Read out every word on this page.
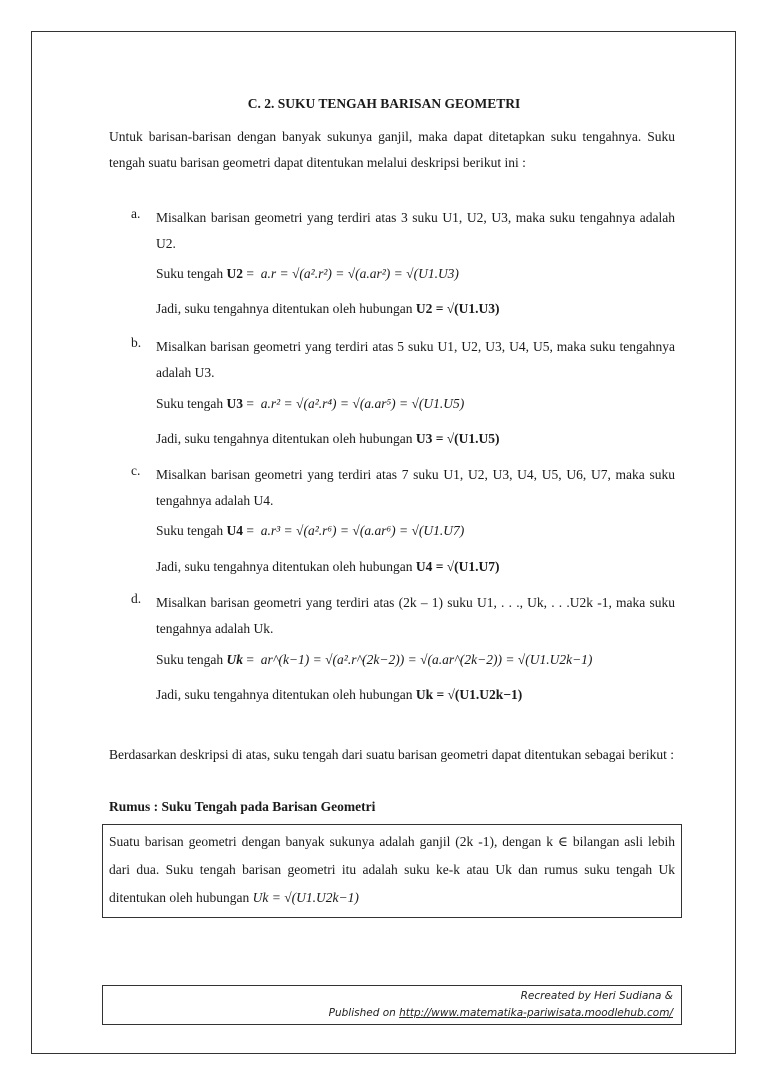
C. 2. SUKU TENGAH BARISAN GEOMETRI
Untuk barisan-barisan dengan banyak sukunya ganjil, maka dapat ditetapkan suku tengahnya. Suku tengah suatu barisan geometri dapat ditentukan melalui deskripsi berikut ini :
a. Misalkan barisan geometri yang terdiri atas 3 suku U1, U2, U3, maka suku tengahnya adalah U2.
Suku tengah
U2 = a.r = √(a².r²) = √(a.ar²) = √(U1.U3)
Jadi, suku tengahnya ditentukan oleh hubungan
U2 = √(U1.U3)
b. Misalkan barisan geometri yang terdiri atas 5 suku U1, U2, U3, U4, U5, maka suku tengahnya adalah U3.
Suku tengah
U3 = a.r² = √(a².r⁴) = √(a.ar⁵) = √(U1.U5)
Jadi, suku tengahnya ditentukan oleh hubungan
U3 = √(U1.U5)
c. Misalkan barisan geometri yang terdiri atas 7 suku U1, U2, U3, U4, U5, U6, U7, maka suku tengahnya adalah U4.
Suku tengah
U4 = a.r³ = √(a².r⁶) = √(a.ar⁶) = √(U1.U7)
Jadi, suku tengahnya ditentukan oleh hubungan
U4 = √(U1.U7)
d. Misalkan barisan geometri yang terdiri atas (2k – 1) suku U1, . . ., Uk, . . .U2k -1, maka suku tengahnya adalah Uk.
Suku tengah
Uk = ar^(k−1) = √(a².r^(2k−2)) = √(a.ar^(2k−2)) = √(U1.U2k−1)
Jadi, suku tengahnya ditentukan oleh hubungan
Uk = √(U1.U2k−1)
Berdasarkan deskripsi di atas, suku tengah dari suatu barisan geometri dapat ditentukan sebagai berikut :
Rumus : Suku Tengah pada Barisan Geometri
Suatu barisan geometri dengan banyak sukunya adalah ganjil (2k -1), dengan k ∈ bilangan asli lebih dari dua. Suku tengah barisan geometri itu adalah suku ke-k atau Uk dan rumus suku tengah Uk ditentukan oleh hubungan Uk = √(U1.U2k−1)
Recreated by Heri Sudiana &
Published on http://www.matematika-pariwisata.moodlehub.com/
